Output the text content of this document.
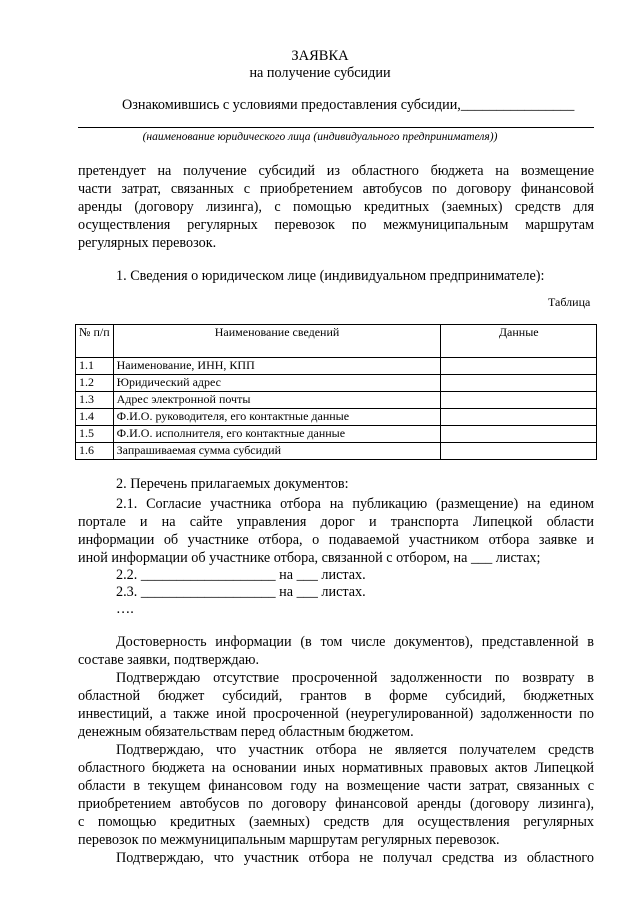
ЗАЯВКА
на получение субсидии
Ознакомившись с условиями предоставления субсидии,________________
(наименование юридического лица (индивидуального предпринимателя))
претендует на получение субсидий из областного бюджета на возмещение
части затрат, связанных с приобретением автобусов по договору финансовой
аренды (договору лизинга), с помощью кредитных (заемных) средств для
осуществления регулярных перевозок по межмуниципальным маршрутам
регулярных перевозок.
1. Сведения о юридическом лице (индивидуальном предпринимателе):
Таблица
№ п/п	Наименование сведений	Данные
1.1	Наименование, ИНН, КПП	
1.2	Юридический адрес	
1.3	Адрес электронной почты	
1.4	Ф.И.О. руководителя, его контактные данные	
1.5	Ф.И.О. исполнителя, его контактные данные	
1.6	Запрашиваемая сумма субсидий	
2. Перечень прилагаемых документов:
2.1. Согласие участника отбора на публикацию (размещение) на едином
портале и на сайте управления дорог и транспорта Липецкой области
информации об участнике отбора, о подаваемой участником отбора заявке и
иной информации об участнике отбора, связанной с отбором, на ___ листах;
2.2. ___________________ на ___ листах.
2.3. ___________________ на ___ листах.
….
Достоверность информации (в том числе документов), представленной в
составе заявки, подтверждаю.
Подтверждаю отсутствие просроченной задолженности по возврату в
областной бюджет субсидий, грантов в форме субсидий, бюджетных
инвестиций, а также иной просроченной (неурегулированной) задолженности по
денежным обязательствам перед областным бюджетом.
Подтверждаю, что участник отбора не является получателем средств
областного бюджета на основании иных нормативных правовых актов Липецкой
области в текущем финансовом году на возмещение части затрат, связанных с
приобретением автобусов по договору финансовой аренды (договору лизинга),
с помощью кредитных (заемных) средств для осуществления регулярных
перевозок по межмуниципальным маршрутам регулярных перевозок.
Подтверждаю, что участник отбора не получал средства из областного
